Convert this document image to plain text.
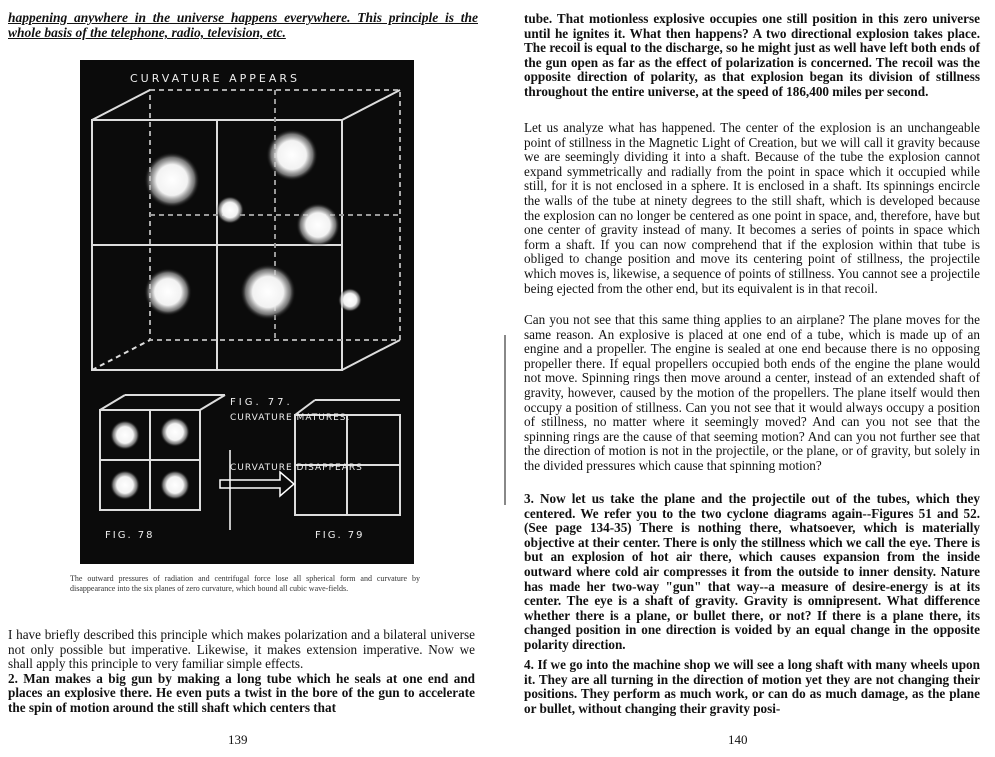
happening anywhere in the universe happens everywhere. This principle is the whole basis of the telephone, radio, television, etc.

CURVATURE APPEARS
FIG. 77.
CURVATURE MATURES.
CURVATURE DISAPPEARS
FIG. 78	FIG. 79

The outward pressures of radiation and centrifugal force lose all spherical form and curvature by disappearance into the six planes of zero curvature, which bound all cubic wave-fields.

I have briefly described this principle which makes polarization and a bilateral universe not only possible but imperative. Likewise, it makes extension imperative. Now we shall apply this principle to very familiar simple effects.

2. Man makes a big gun by making a long tube which he seals at one end and places an explosive there. He even puts a twist in the bore of the gun to accelerate the spin of motion around the still shaft which centers that

139

tube. That motionless explosive occupies one still position in this zero universe until he ignites it. What then happens? A two directional explosion takes place. The recoil is equal to the discharge, so he might just as well have left both ends of the gun open as far as the effect of polarization is concerned. The recoil was the opposite direction of polarity, as that explosion began its division of stillness throughout the entire universe, at the speed of 186,400 miles per second.

Let us analyze what has happened. The center of the explosion is an unchangeable point of stillness in the Magnetic Light of Creation, but we will call it gravity because we are seemingly dividing it into a shaft. Because of the tube the explosion cannot expand symmetrically and radially from the point in space which it occupied while still, for it is not enclosed in a sphere. It is enclosed in a shaft. Its spinnings encircle the walls of the tube at ninety degrees to the still shaft, which is developed because the explosion can no longer be centered as one point in space, and, therefore, have but one center of gravity instead of many. It becomes a series of points in space which form a shaft. If you can now comprehend that if the explosion within that tube is obliged to change position and move its centering point of stillness, the projectile which moves is, likewise, a sequence of points of stillness. You cannot see a projectile being ejected from the other end, but its equivalent is in that recoil.

Can you not see that this same thing applies to an airplane? The plane moves for the same reason. An explosive is placed at one end of a tube, which is made up of an engine and a propeller. The engine is sealed at one end because there is no opposing propeller there. If equal propellers occupied both ends of the engine the plane would not move. Spinning rings then move around a center, instead of an extended shaft of gravity, however, caused by the motion of the propellers. The plane itself would then occupy a position of stillness. Can you not see that it would always occupy a position of stillness, no matter where it seemingly moved? And can you not see that the spinning rings are the cause of that seeming motion? And can you not further see that the direction of motion is not in the projectile, or the plane, or of gravity, but solely in the divided pressures which cause that spinning motion?

3. Now let us take the plane and the projectile out of the tubes, which they centered. We refer you to the two cyclone diagrams again--Figures 51 and 52. (See page 134-35) There is nothing there, whatsoever, which is materially objective at their center. There is only the stillness which we call the eye. There is but an explosion of hot air there, which causes expansion from the inside outward where cold air compresses it from the outside to inner density. Nature has made her two-way "gun" that way--a measure of desire-energy is at its center. The eye is a shaft of gravity. Gravity is omnipresent. What difference whether there is a plane, or bullet there, or not? If there is a plane there, its changed position in one direction is voided by an equal change in the opposite polarity direction.

4. If we go into the machine shop we will see a long shaft with many wheels upon it. They are all turning in the direction of motion yet they are not changing their positions. They perform as much work, or can do as much damage, as the plane or bullet, without changing their gravity posi-

140
